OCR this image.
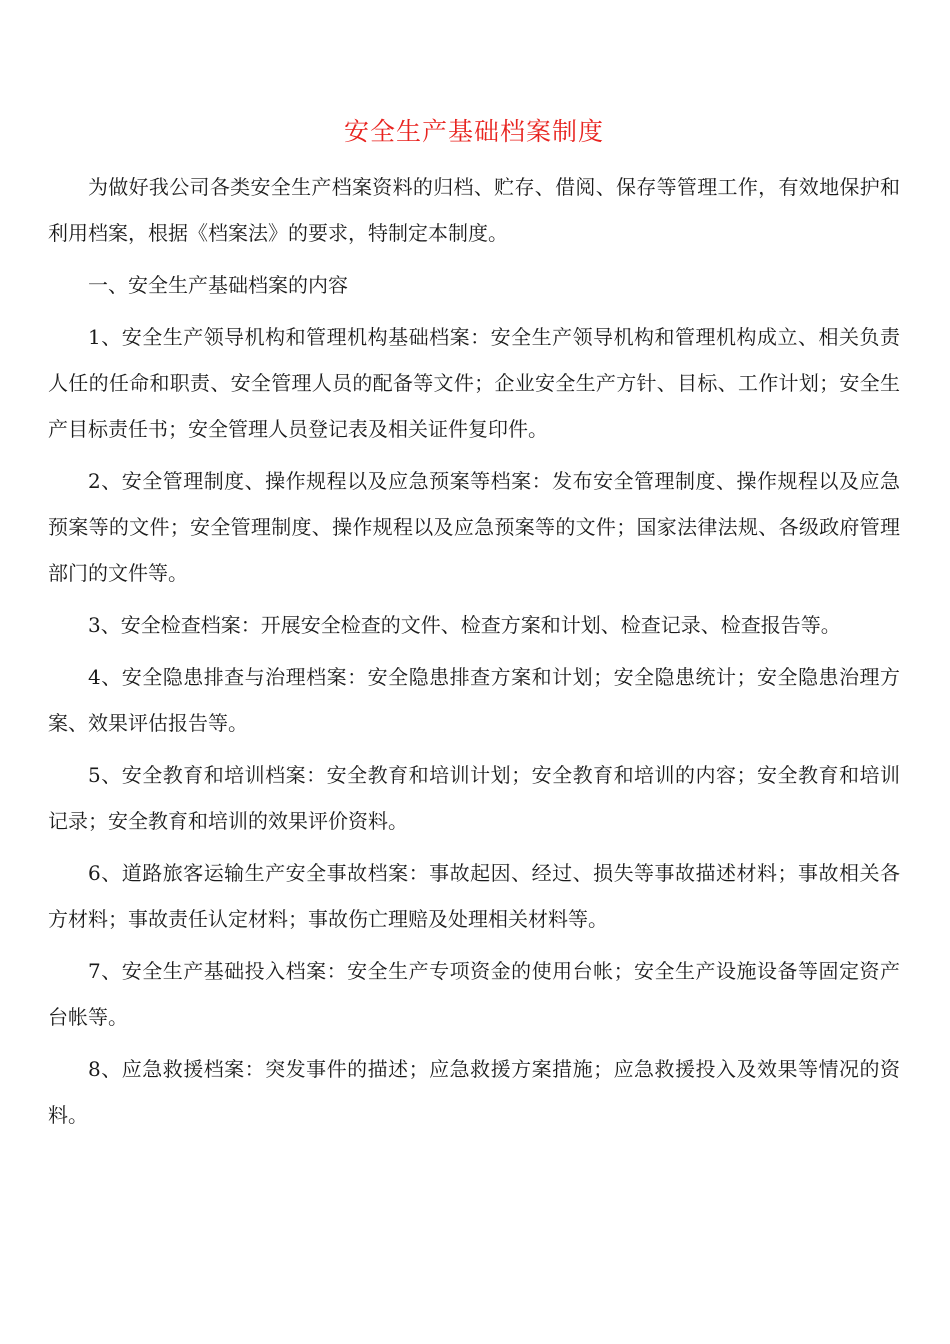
安全生产基础档案制度

为做好我公司各类安全生产档案资料的归档、贮存、借阅、保存等管理工作，有效地保护和利用档案，根据《档案法》的要求，特制定本制度。

一、安全生产基础档案的内容

1、安全生产领导机构和管理机构基础档案：安全生产领导机构和管理机构成立、相关负责人任的任命和职责、安全管理人员的配备等文件；企业安全生产方针、目标、工作计划；安全生产目标责任书；安全管理人员登记表及相关证件复印件。

2、安全管理制度、操作规程以及应急预案等档案：发布安全管理制度、操作规程以及应急预案等的文件；安全管理制度、操作规程以及应急预案等的文件；国家法律法规、各级政府管理部门的文件等。

3、安全检查档案：开展安全检查的文件、检查方案和计划、检查记录、检查报告等。

4、安全隐患排查与治理档案：安全隐患排查方案和计划；安全隐患统计；安全隐患治理方案、效果评估报告等。

5、安全教育和培训档案：安全教育和培训计划；安全教育和培训的内容；安全教育和培训记录；安全教育和培训的效果评价资料。

6、道路旅客运输生产安全事故档案：事故起因、经过、损失等事故描述材料；事故相关各方材料；事故责任认定材料；事故伤亡理赔及处理相关材料等。

7、安全生产基础投入档案：安全生产专项资金的使用台帐；安全生产设施设备等固定资产台帐等。

8、应急救援档案：突发事件的描述；应急救援方案措施；应急救援投入及效果等情况的资料。
